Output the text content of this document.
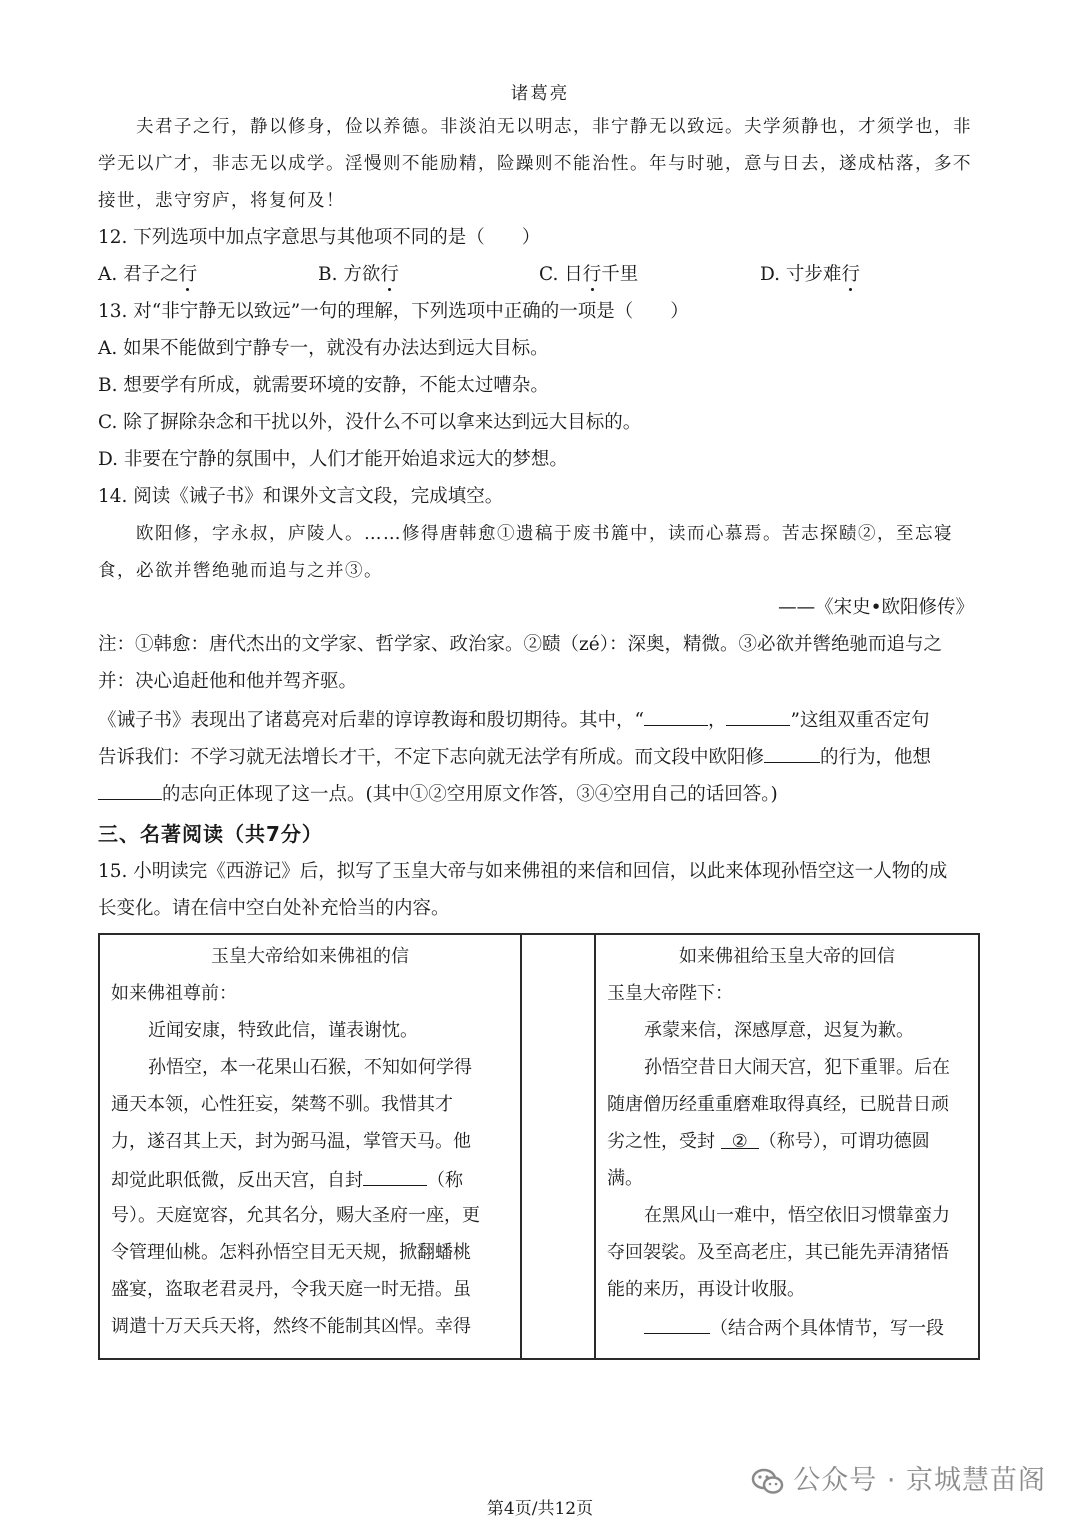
诸葛亮
夫君子之行，静以修身，俭以养德。非淡泊无以明志，非宁静无以致远。夫学须静也，才须学也，非
学无以广才，非志无以成学。淫慢则不能励精，险躁则不能治性。年与时驰，意与日去，遂成枯落，多不
接世，悲守穷庐，将复何及！
12. 下列选项中加点字意思与其他项不同的是（　　）
A. 君子之行	B. 方欲行	C. 日行千里	D. 寸步难行
13. 对“非宁静无以致远”一句的理解，下列选项中正确的一项是（　　）
A. 如果不能做到宁静专一，就没有办法达到远大目标。
B. 想要学有所成，就需要环境的安静，不能太过嘈杂。
C. 除了摒除杂念和干扰以外，没什么不可以拿来达到远大目标的。
D. 非要在宁静的氛围中，人们才能开始追求远大的梦想。
14. 阅读《诫子书》和课外文言文段，完成填空。
欧阳修，字永叔，庐陵人。……修得唐韩愈①遗稿于废书簏中，读而心慕焉。苦志探赜②，至忘寝
食，必欲并辔绝驰而追与之并③。
——《宋史•欧阳修传》
注：①韩愈：唐代杰出的文学家、哲学家、政治家。②赜（zé）：深奥，精微。③必欲并辔绝驰而追与之
并：决心追赶他和他并驾齐驱。
《诫子书》表现出了诸葛亮对后辈的谆谆教诲和殷切期待。其中，“	，	”这组双重否定句
告诉我们：不学习就无法增长才干，不定下志向就无法学有所成。而文段中欧阳修	的行为，他想
的志向正体现了这一点。(其中①②空用原文作答，③④空用自己的话回答。)
三、名著阅读（共7分）
15. 小明读完《西游记》后，拟写了玉皇大帝与如来佛祖的来信和回信，以此来体现孙悟空这一人物的成
长变化。请在信中空白处补充恰当的内容。
玉皇大帝给如来佛祖的信
如来佛祖尊前：
近闻安康，特致此信，谨表谢忱。
孙悟空，本一花果山石猴，不知如何学得
通天本领，心性狂妄，桀骜不驯。我惜其才
力，遂召其上天，封为弼马温，掌管天马。他
却觉此职低微，反出天宫，自封	（称
号）。天庭宽容，允其名分，赐大圣府一座，更
令管理仙桃。怎料孙悟空目无天规，掀翻蟠桃
盛宴，盗取老君灵丹，令我天庭一时无措。虽
调遣十万天兵天将，然终不能制其凶悍。幸得

如来佛祖给玉皇大帝的回信
玉皇大帝陛下：
承蒙来信，深感厚意，迟复为歉。
孙悟空昔日大闹天宫，犯下重罪。后在
随唐僧历经重重磨难取得真经，已脱昔日顽
劣之性，受封 ② （称号），可谓功德圆
满。
在黑风山一难中，悟空依旧习惯靠蛮力
夺回袈裟。及至高老庄，其已能先弄清猪悟
能的来历，再设计收服。
（结合两个具体情节，写一段
公众号 · 京城慧苗阁
第4页/共12页
